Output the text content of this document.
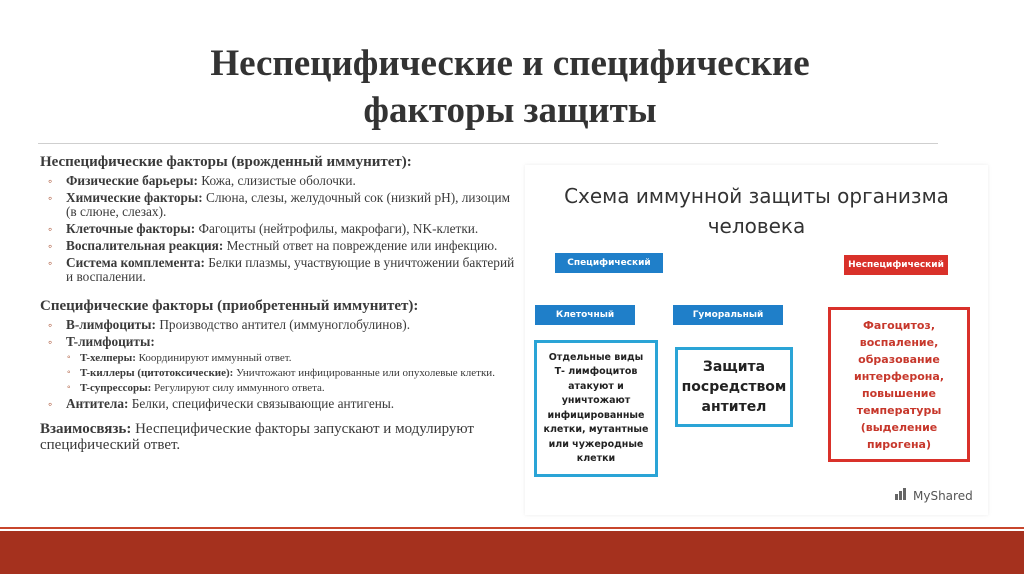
Неспецифические и специфические
факторы защиты

Неспецифические факторы (врожденный иммунитет):

◦ Физические барьеры: Кожа, слизистые оболочки.
◦ Химические факторы: Слюна, слезы, желудочный сок (низкий рН), лизоцим (в слюне, слезах).
◦ Клеточные факторы: Фагоциты (нейтрофилы, макрофаги), NK-клетки.
◦ Воспалительная реакция: Местный ответ на повреждение или инфекцию.
◦ Система комплемента: Белки плазмы, участвующие в уничтожении бактерий и воспалении.

Специфические факторы (приобретенный иммунитет):

◦ B-лимфоциты: Производство антител (иммуноглобулинов).
◦ T-лимфоциты:
◦ T-хелперы: Координируют иммунный ответ.
◦ T-киллеры (цитотоксические): Уничтожают инфицированные или опухолевые клетки.
◦ T-супрессоры: Регулируют силу иммунного ответа.
◦ Антитела: Белки, специфически связывающие антигены.
Взаимосвязь: Неспецифические факторы запускают и модулируют специфический ответ.
Схема иммунной защиты организма
человека
Специфический	Неспецифический
Клеточный	Гуморальный
Отдельные виды
Т- лимфоцитов
атакуют и
уничтожают
инфицированные
клетки, мутантные
или чужеродные
клетки
Защита
посредством
антител
Фагоцитоз,
воспаление,
образование
интерферона,
повышение
температуры
(выделение
пирогена)
MyShared
